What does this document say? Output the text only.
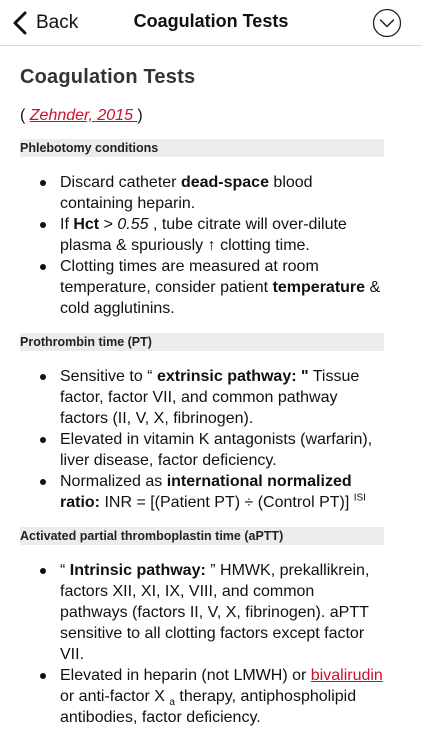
Back	Coagulation Tests
Coagulation Tests
( Zehnder, 2015 )
Phlebotomy conditions
Discard catheter dead-space blood containing heparin.
If Hct > 0.55 , tube citrate will over-dilute plasma & spuriously ↑ clotting time.
Clotting times are measured at room temperature, consider patient temperature & cold agglutinins.
Prothrombin time (PT)
Sensitive to “ extrinsic pathway: " Tissue factor, factor VII, and common pathway factors (II, V, X, fibrinogen).
Elevated in vitamin K antagonists (warfarin), liver disease, factor deficiency.
Normalized as international normalized ratio: INR = [(Patient PT) ÷ (Control PT)] $^{ISI}$
Activated partial thromboplastin time (aPTT)
“ Intrinsic pathway: ” HMWK, prekallikrein, factors XII, XI, IX, VIII, and common pathways (factors II, V, X, fibrinogen). aPTT sensitive to all clotting factors except factor VII.
Elevated in heparin (not LMWH) or bivalirudin or anti-factor X $_a$ therapy, antiphospholipid antibodies, factor deficiency.
